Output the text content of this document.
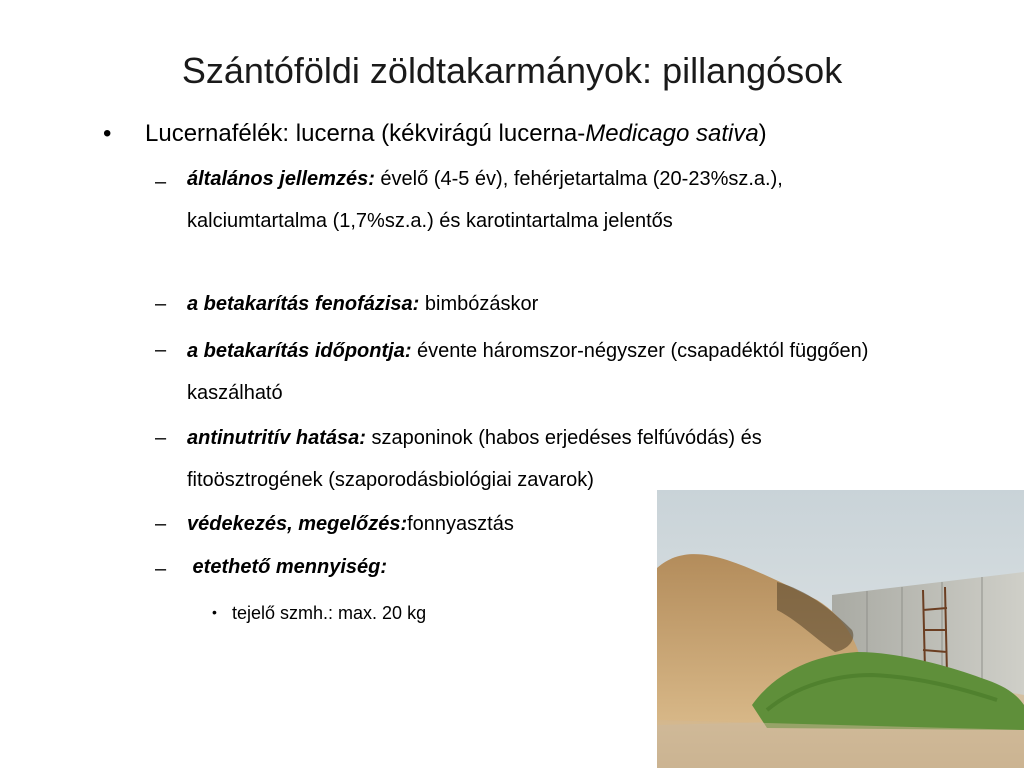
Szántóföldi zöldtakarmányok: pillangósok
• Lucernafélék: lucerna (kékvirágú lucerna-Medicago sativa)
– általános jellemzés: évelő (4-5 év), fehérjetartalma (20-23%sz.a.), kalciumtartalma (1,7%sz.a.) és karotintartalma jelentős
– a betakarítás fenofázisa: bimbózáskor
– a betakarítás időpontja: évente háromszor-négyszer (csapadéktól függően) kaszálható
– antinutritív hatása: szaponinok (habos erjedéses felfúvódás) és fitoösztrogének (szaporodásbiológiai zavarok)
– védekezés, megelőzés:fonnyasztás
– etethető mennyiség:
• tejelő szmh.: max. 20 kg
